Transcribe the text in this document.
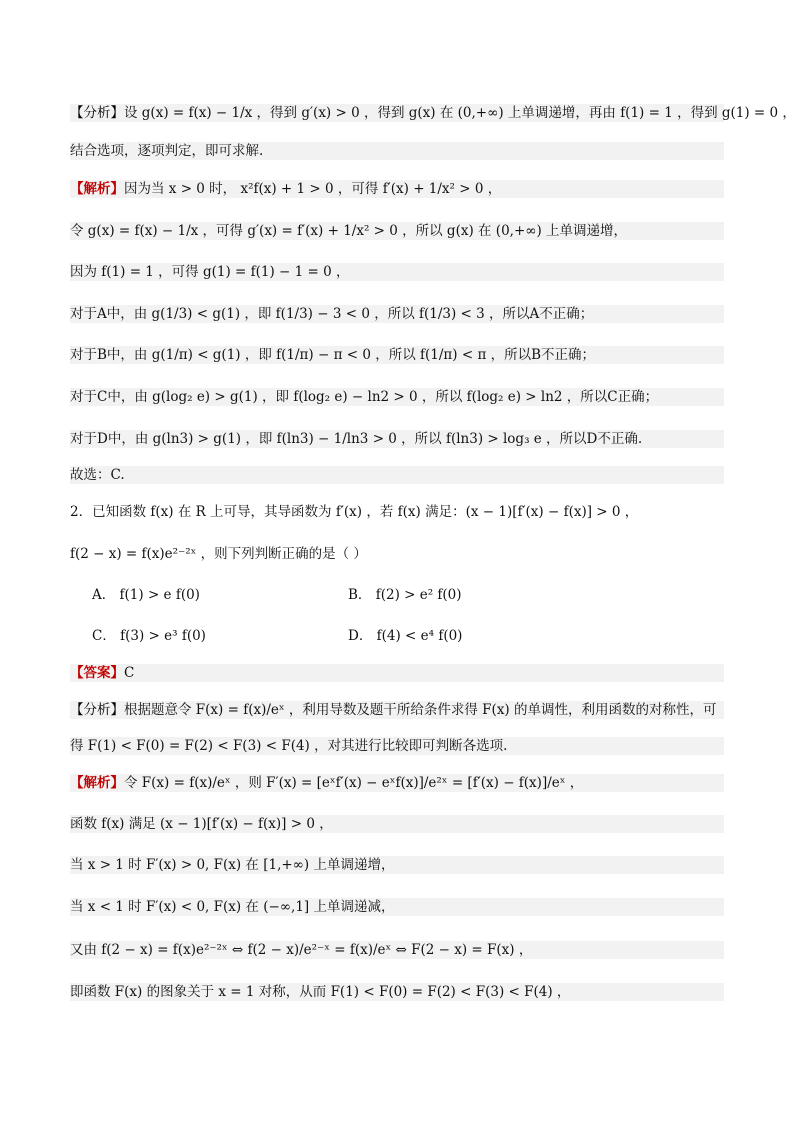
【分析】设 g(x) = f(x) − 1/x ，得到 g′(x) > 0 ，得到 g(x) 在 (0,+∞) 上单调递增，再由 f(1) = 1 ，得到 g(1) = 0 ，
结合选项，逐项判定，即可求解.
【解析】因为当 x > 0 时， x²f(x) + 1 > 0 ，可得 f′(x) + 1/x² > 0 ，
令 g(x) = f(x) − 1/x ，可得 g′(x) = f′(x) + 1/x² > 0 ，所以 g(x) 在 (0,+∞) 上单调递增，
因为 f(1) = 1 ，可得 g(1) = f(1) − 1 = 0 ，
对于A中，由 g(1/3) < g(1) ，即 f(1/3) − 3 < 0 ，所以 f(1/3) < 3 ，所以A不正确；
对于B中，由 g(1/π) < g(1) ，即 f(1/π) − π < 0 ，所以 f(1/π) < π ，所以B不正确；
对于C中，由 g(log₂ e) > g(1) ，即 f(log₂ e) − ln2 > 0 ，所以 f(log₂ e) > ln2 ，所以C正确；
对于D中，由 g(ln3) > g(1) ，即 f(ln3) − 1/ln3 > 0 ，所以 f(ln3) > log₃ e ，所以D不正确.
故选：C.
2．已知函数 f(x) 在 R 上可导，其导函数为 f′(x) ，若 f(x) 满足：(x − 1)[f′(x) − f(x)] > 0 ，
f(2 − x) = f(x)e²⁻²ˣ ，则下列判断正确的是（ ）
A． f(1) > e f(0)	B． f(2) > e² f(0)
C． f(3) > e³ f(0)	D． f(4) < e⁴ f(0)
【答案】C
【分析】根据题意令 F(x) = f(x)/eˣ ，利用导数及题干所给条件求得 F(x) 的单调性，利用函数的对称性，可
得 F(1) < F(0) = F(2) < F(3) < F(4) ，对其进行比较即可判断各选项.
【解析】令 F(x) = f(x)/eˣ ，则 F′(x) = [eˣf′(x) − eˣf(x)]/e²ˣ = [f′(x) − f(x)]/eˣ ，
函数 f(x) 满足 (x − 1)[f′(x) − f(x)] > 0 ，
当 x > 1 时 F′(x) > 0, F(x) 在 [1,+∞) 上单调递增，
当 x < 1 时 F′(x) < 0, F(x) 在 (−∞,1] 上单调递减，
又由 f(2 − x) = f(x)e²⁻²ˣ ⇔ f(2 − x)/e²⁻ˣ = f(x)/eˣ ⇔ F(2 − x) = F(x) ，
即函数 F(x) 的图象关于 x = 1 对称，从而 F(1) < F(0) = F(2) < F(3) < F(4) ，
